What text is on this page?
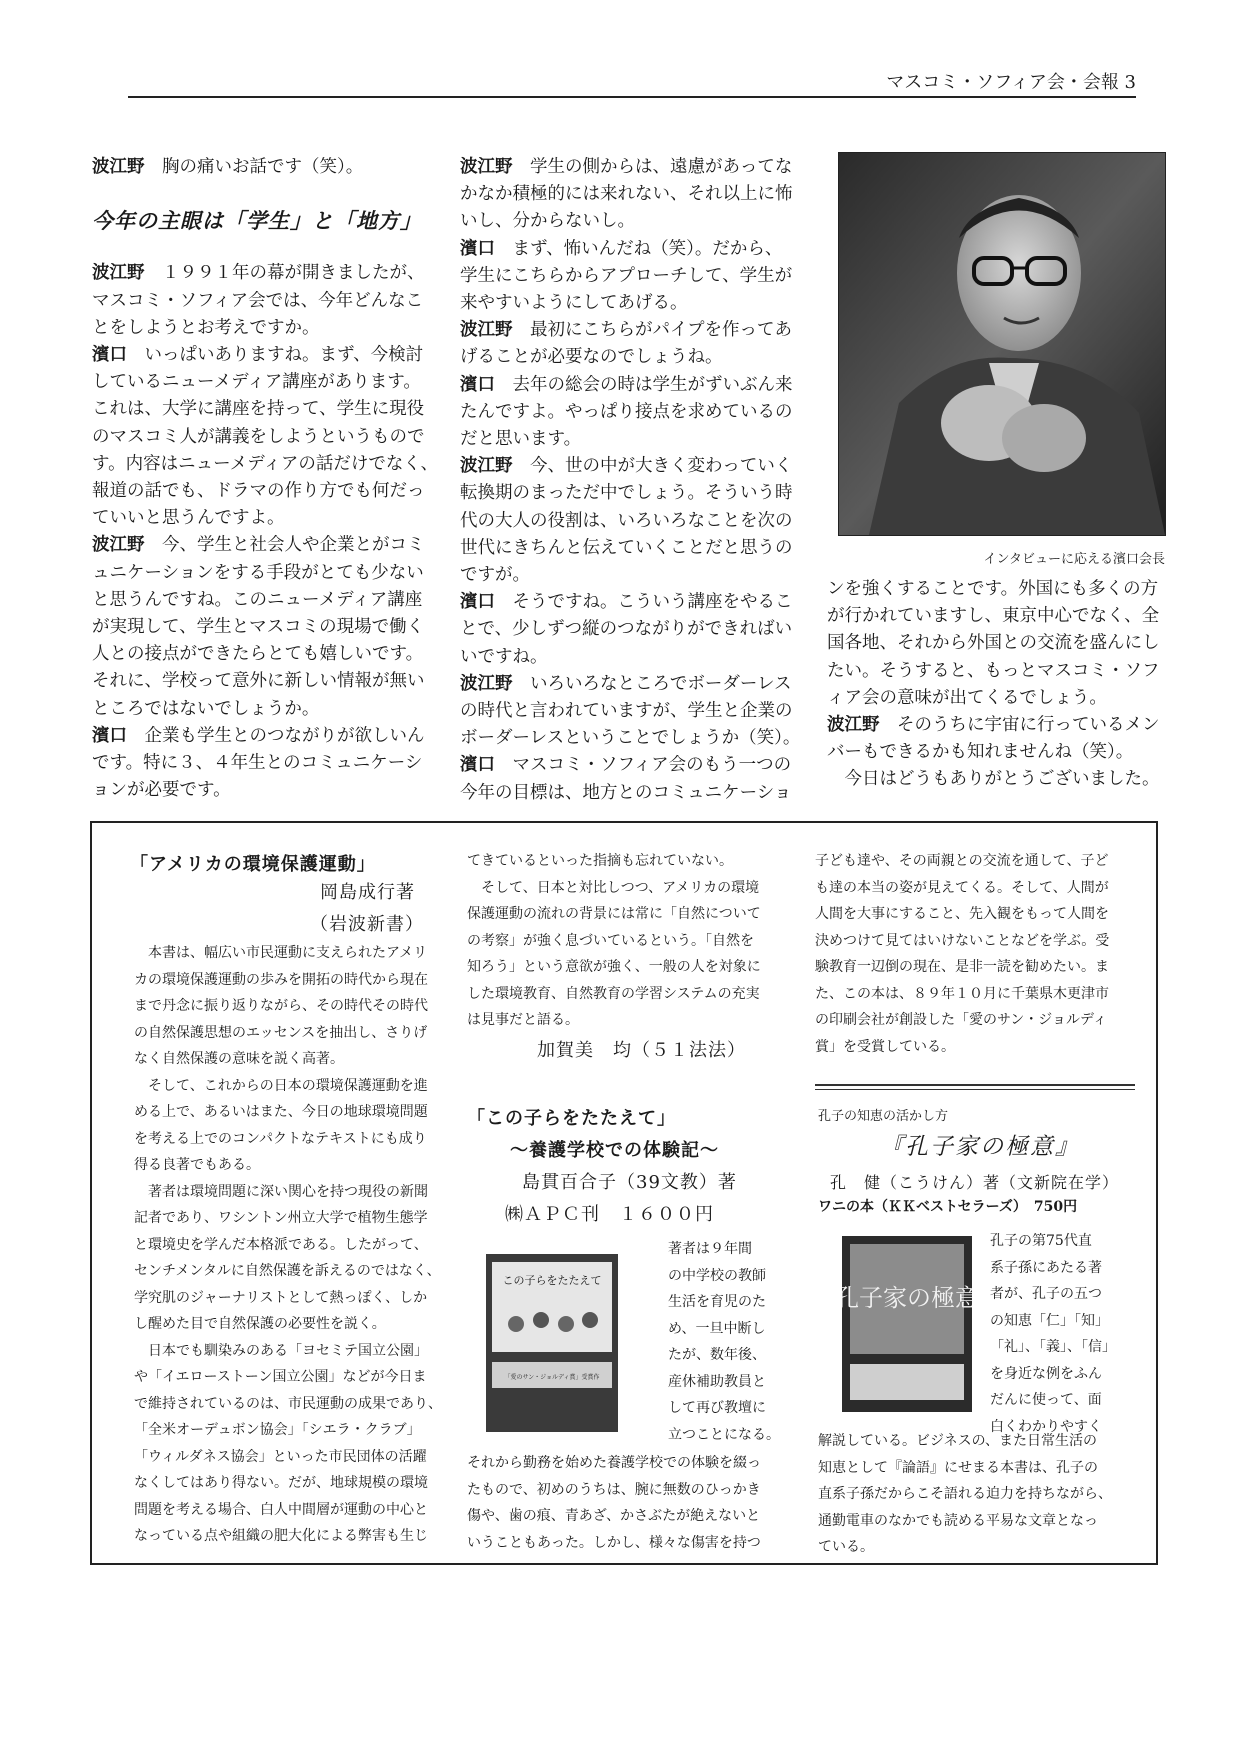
マスコミ・ソフィア会・会報 3

波江野　 胸の痛いお話です（笑）。

今年の主眼は「学生」と「地方」

波江野　 １９９１年の幕が開きましたが、

マスコミ・ソフィア会では、今年どんなこ

とをしようとお考えですか。

濱口　 いっぱいありますね。まず、今検討

しているニューメディア講座があります。

これは、大学に講座を持って、学生に現役

のマスコミ人が講義をしようというもので

す。内容はニューメディアの話だけでなく、

報道の話でも、ドラマの作り方でも何だっ

ていいと思うんですよ。

波江野　 今、学生と社会人や企業とがコミ

ュニケーションをする手段がとても少ない

と思うんですね。このニューメディア講座

が実現して、学生とマスコミの現場で働く

人との接点ができたらとても嬉しいです。

それに、学校って意外に新しい情報が無い

ところではないでしょうか。

濱口　 企業も学生とのつながりが欲しいん

です。特に３、４年生とのコミュニケーシ

ョンが必要です。

波江野　 学生の側からは、遠慮があってな

かなか積極的には来れない、それ以上に怖

いし、分からないし。

濱口　 まず、怖いんだね（笑）。だから、

学生にこちらからアプローチして、学生が

来やすいようにしてあげる。

波江野　 最初にこちらがパイプを作ってあ

げることが必要なのでしょうね。

濱口　 去年の総会の時は学生がずいぶん来

たんですよ。やっぱり接点を求めているの

だと思います。

波江野　 今、世の中が大きく変わっていく

転換期のまっただ中でしょう。そういう時

代の大人の役割は、いろいろなことを次の

世代にきちんと伝えていくことだと思うの

ですが。

濱口　 そうですね。こういう講座をやるこ

とで、少しずつ縦のつながりができればい

いですね。

波江野　 いろいろなところでボーダーレス

の時代と言われていますが、学生と企業の

ボーダーレスということでしょうか（笑）。

濱口　 マスコミ・ソフィア会のもう一つの

今年の目標は、地方とのコミュニケーショ

インタビューに応える濱口会長

ンを強くすることです。外国にも多くの方

が行かれていますし、東京中心でなく、全

国各地、それから外国との交流を盛んにし

たい。そうすると、もっとマスコミ・ソフ

ィア会の意味が出てくるでしょう。

波江野　 そのうちに宇宙に行っているメン

バーもできるかも知れませんね（笑）。

　今日はどうもありがとうございました。

「アメリカの環境保護運動」
岡島成行著
（岩波新書）

　本書は、幅広い市民運動に支えられたアメリ

カの環境保護運動の歩みを開拓の時代から現在

まで丹念に振り返りながら、その時代その時代

の自然保護思想のエッセンスを抽出し、さりげ

なく自然保護の意味を説く高著。

　そして、これからの日本の環境保護運動を進

める上で、あるいはまた、今日の地球環境問題

を考える上でのコンパクトなテキストにも成り

得る良著でもある。

　著者は環境問題に深い関心を持つ現役の新聞

記者であり、ワシントン州立大学で植物生態学

と環境史を学んだ本格派である。したがって、

センチメンタルに自然保護を訴えるのではなく、

学究肌のジャーナリストとして熱っぽく、しか

し醒めた目で自然保護の必要性を説く。

　日本でも馴染みのある「ヨセミテ国立公園」

や「イエローストーン国立公園」などが今日ま

で維持されているのは、市民運動の成果であり、

「全米オーデュボン協会」「シエラ・クラブ」

「ウィルダネス協会」といった市民団体の活躍

なくしてはあり得ない。だが、地球規模の環境

問題を考える場合、白人中間層が運動の中心と

なっている点や組織の肥大化による弊害も生じ

てきているといった指摘も忘れていない。

　そして、日本と対比しつつ、アメリカの環境

保護運動の流れの背景には常に「自然について

の考察」が強く息づいているという。「自然を

知ろう」という意欲が強く、一般の人を対象に

した環境教育、自然教育の学習システムの充実

は見事だと語る。

加賀美　均（５１法法）

「この子らをたたえて」
～養護学校での体験記～
島貫百合子（39文教）著
㈱ＡＰＣ刊　１６００円
この子らをたたえて
「愛のサン・ジョルディ賞」受賞作

著者は９年間

の中学校の教師

生活を育児のた

め、一旦中断し

たが、数年後、

産休補助教員と

して再び教壇に

立つことになる。

それから勤務を始めた養護学校での体験を綴っ

たもので、初めのうちは、腕に無数のひっかき

傷や、歯の痕、青あざ、かさぶたが絶えないと

いうこともあった。しかし、様々な傷害を持つ

子ども達や、その両親との交流を通して、子ど

も達の本当の姿が見えてくる。そして、人間が

人間を大事にすること、先入観をもって人間を

決めつけて見てはいけないことなどを学ぶ。受

験教育一辺倒の現在、是非一読を勧めたい。ま

た、この本は、８９年１０月に千葉県木更津市

の印刷会社が創設した「愛のサン・ジョルディ

賞」を受賞している。

孔子の知恵の活かし方
『孔子家の極意』
孔　健（こうけん）著（文新院在学）
ワニの本（ＫＫベストセラーズ）　750円
孔子家の極意

孔子の第75代直

系子孫にあたる著

者が、孔子の五つ

の知恵「仁」「知」

「礼」、「義」、「信」

を身近な例をふん

だんに使って、面

白くわかりやすく

解説している。ビジネスの、また日常生活の

知恵として『論語』にせまる本書は、孔子の

直系子孫だからこそ語れる迫力を持ちながら、

通勤電車のなかでも読める平易な文章となっ

ている。
